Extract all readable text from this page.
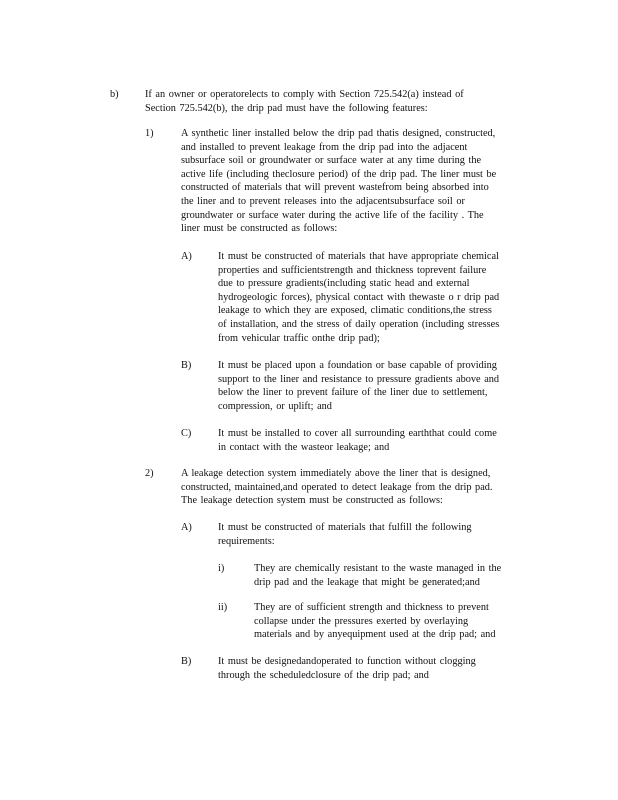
b)	If an owner or operatorelects to comply with Section 725.542(a) instead of
Section 725.542(b), the drip pad must have the following features:
1)	A synthetic liner installed below the drip pad thatis designed, constructed,
and installed to prevent leakage from the drip pad into the adjacent
subsurface soil or groundwater or surface water at any time during the
active life (including theclosure period) of the drip pad. The liner must be
constructed of materials that will prevent wastefrom being absorbed into
the liner and to prevent releases into the adjacentsubsurface soil or
groundwater or surface water during the active life of the facility . The
liner must be constructed as follows:
A)	It must be constructed of materials that have appropriate chemical
properties and sufficientstrength and thickness toprevent failure
due to pressure gradients(including static head and external
hydrogeologic forces), physical contact with thewaste o r drip pad
leakage to which they are exposed, climatic conditions,the stress
of installation, and the stress of daily operation (including stresses
from vehicular traffic onthe drip pad);
B)	It must be placed upon a foundation or base capable of providing
support to the liner and resistance to pressure gradients above and
below the liner to prevent failure of the liner due to settlement,
compression, or uplift; and
C)	It must be installed to cover all surrounding earththat could come
in contact with the wasteor leakage; and
2)	A leakage detection system immediately above the liner that is designed,
constructed, maintained,and operated to detect leakage from the drip pad.
The leakage detection system must be constructed as follows:
A)	It must be constructed of materials that fulfill the following
requirements:
i)	They are chemically resistant to the waste managed in the
drip pad and the leakage that might be generated;and
ii)	They are of sufficient strength and thickness to prevent
collapse under the pressures exerted by overlaying
materials and by anyequipment used at the drip pad; and
B)	It must be designedandoperated to function without clogging
through the scheduledclosure of the drip pad; and
